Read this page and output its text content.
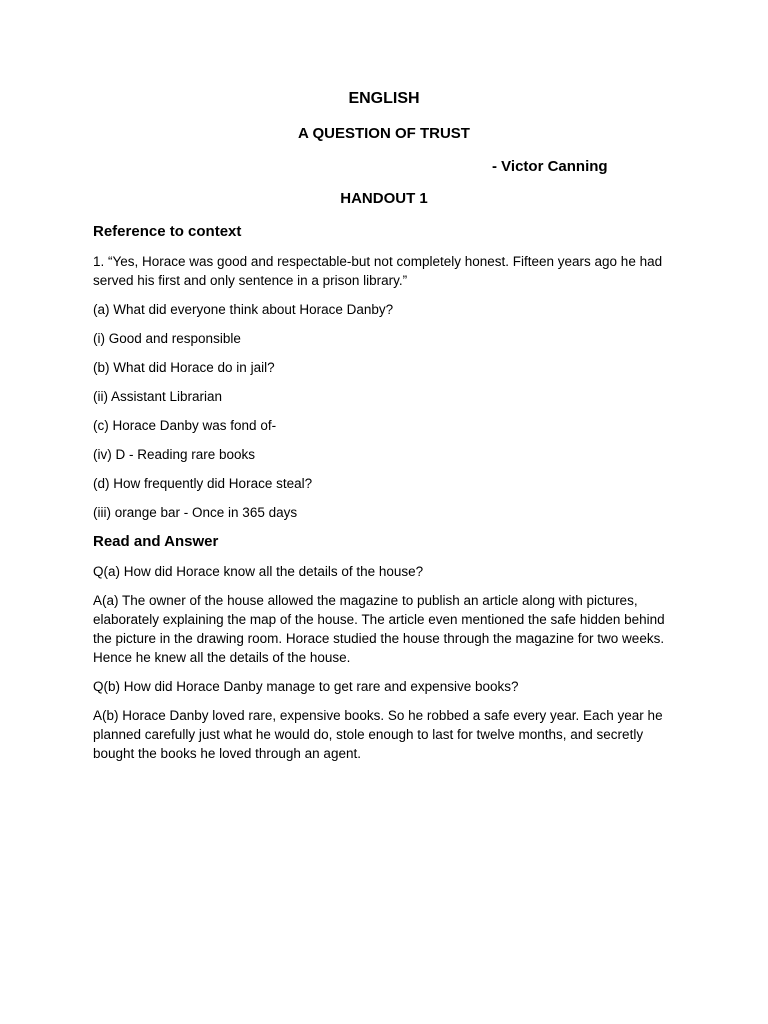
ENGLISH
A QUESTION OF TRUST
- Victor Canning
HANDOUT 1
Reference to context

1. “Yes, Horace was good and respectable-but not completely honest. Fifteen years ago he had served his first and only sentence in a prison library.”

(a) What did everyone think about Horace Danby?

(i) Good and responsible

(b) What did Horace do in jail?

(ii) Assistant Librarian

(c) Horace Danby was fond of-

(iv) D - Reading rare books

(d) How frequently did Horace steal?

(iii) orange bar - Once in 365 days

Read and Answer

Q(a) How did Horace know all the details of the house?

A(a) The owner of the house allowed the magazine to publish an article along with pictures, elaborately explaining the map of the house. The article even mentioned the safe hidden behind the picture in the drawing room. Horace studied the house through the magazine for two weeks. Hence he knew all the details of the house.

Q(b) How did Horace Danby manage to get rare and expensive books?

A(b) Horace Danby loved rare, expensive books. So he robbed a safe every year. Each year he planned carefully just what he would do, stole enough to last for twelve months, and secretly bought the books he loved through an agent.
